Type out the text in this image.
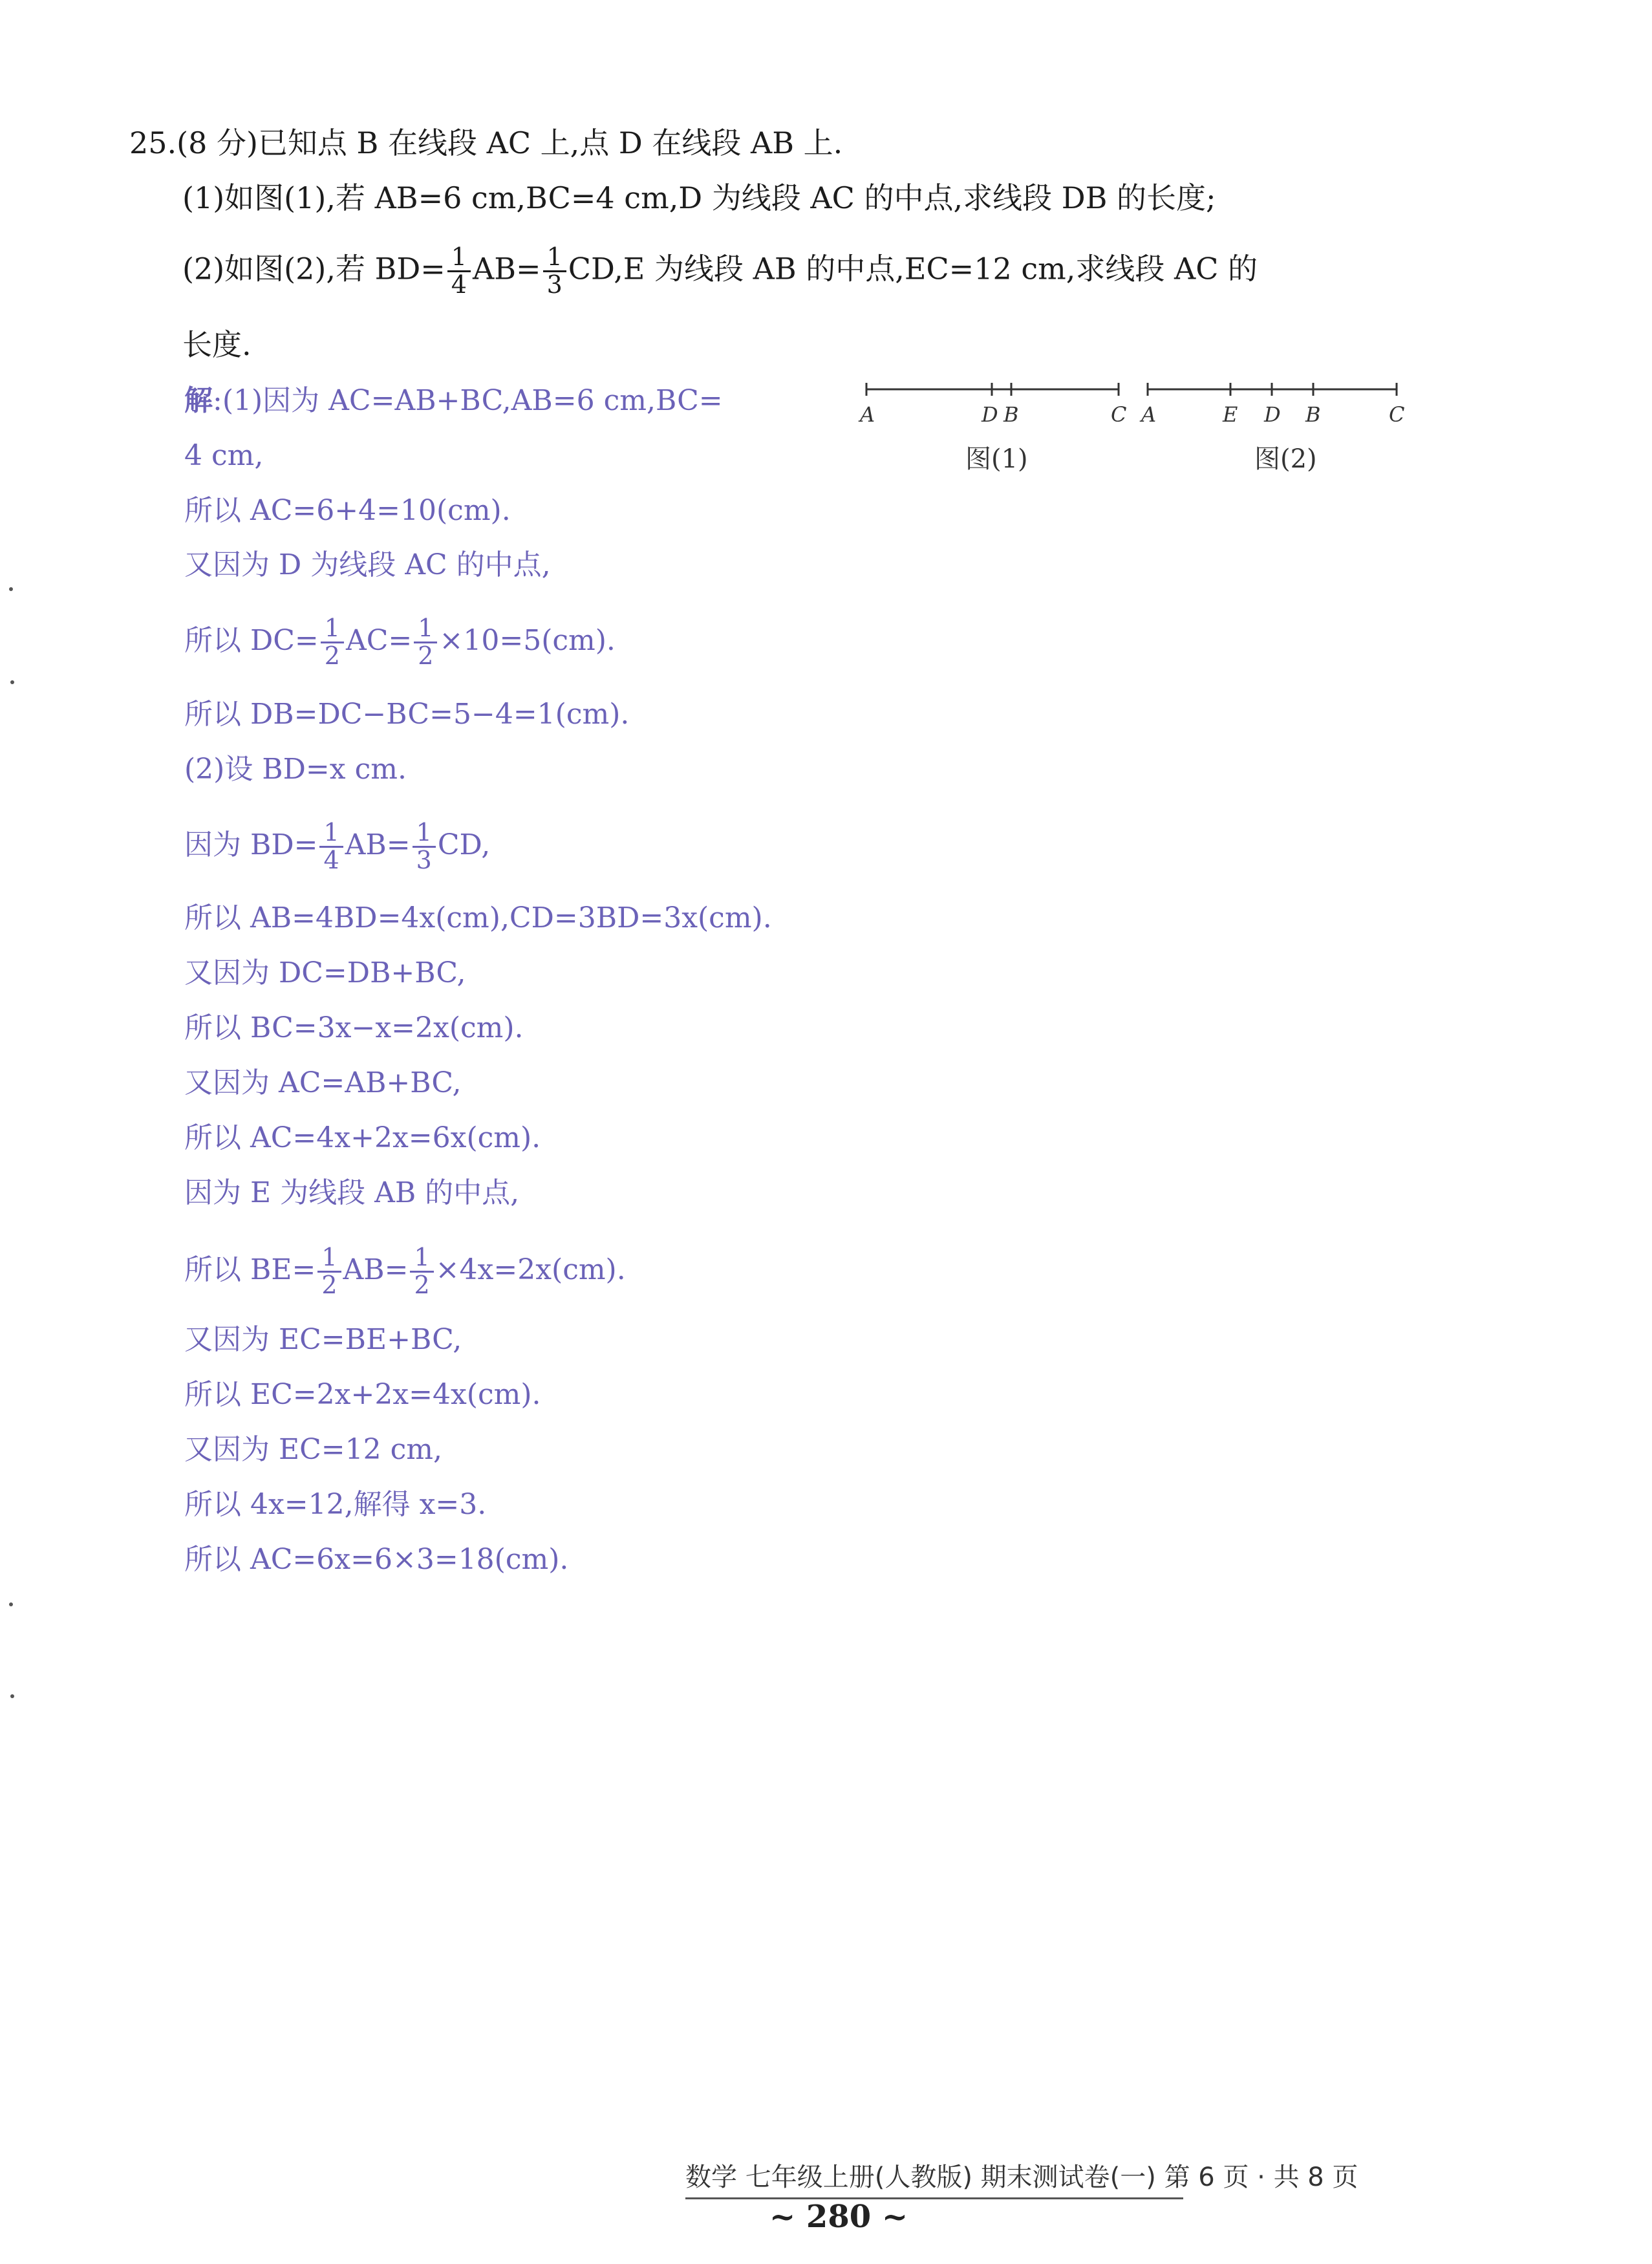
25.(8 分)已知点 B 在线段 AC 上,点 D 在线段 AB 上.
(1)如图(1),若 AB=6 cm,BC=4 cm,D 为线段 AC 的中点,求线段 DB 的长度;
(2)如图(2),若 $BD= \frac{1}{4} AB= \frac{1}{3} CD,E$ 为线段 AB 的中点,EC=12 cm,求线段 AC 的
长度.
A	D B	C
图(1)
A	E D B	C
图(2)
解:(1)因为 AC=AB+BC,AB=6 cm,BC=
4 cm,
所以 AC=6+4=10(cm).
又因为 D 为线段 AC 的中点,
所以 $DC= \frac{1}{2} AC= \frac{1}{2} \times 10=5(cm)$.
所以 DB=DC−BC=5−4=1(cm).
(2)设 BD=x cm.
因为 $BD= \frac{1}{4} AB= \frac{1}{3}$ CD,
所以 AB=4BD=4x(cm),CD=3BD=3x(cm).
又因为 DC=DB+BC,
所以 BC=3x−x=2x(cm).
又因为 AC=AB+BC,
所以 AC=4x+2x=6x(cm).
因为 E 为线段 AB 的中点,
所以 $BE= \frac{1}{2} AB= \frac{1}{2} \times 4x=2x(cm)$.
又因为 EC=BE+BC,
所以 EC=2x+2x=4x(cm).
又因为 EC=12 cm,
所以 4x=12,解得 x=3.
所以 AC=6x=6×3=18(cm).
数学 七年级上册(人教版) 期末测试卷(一) 第 6 页 · 共 8 页
~ 280 ~
